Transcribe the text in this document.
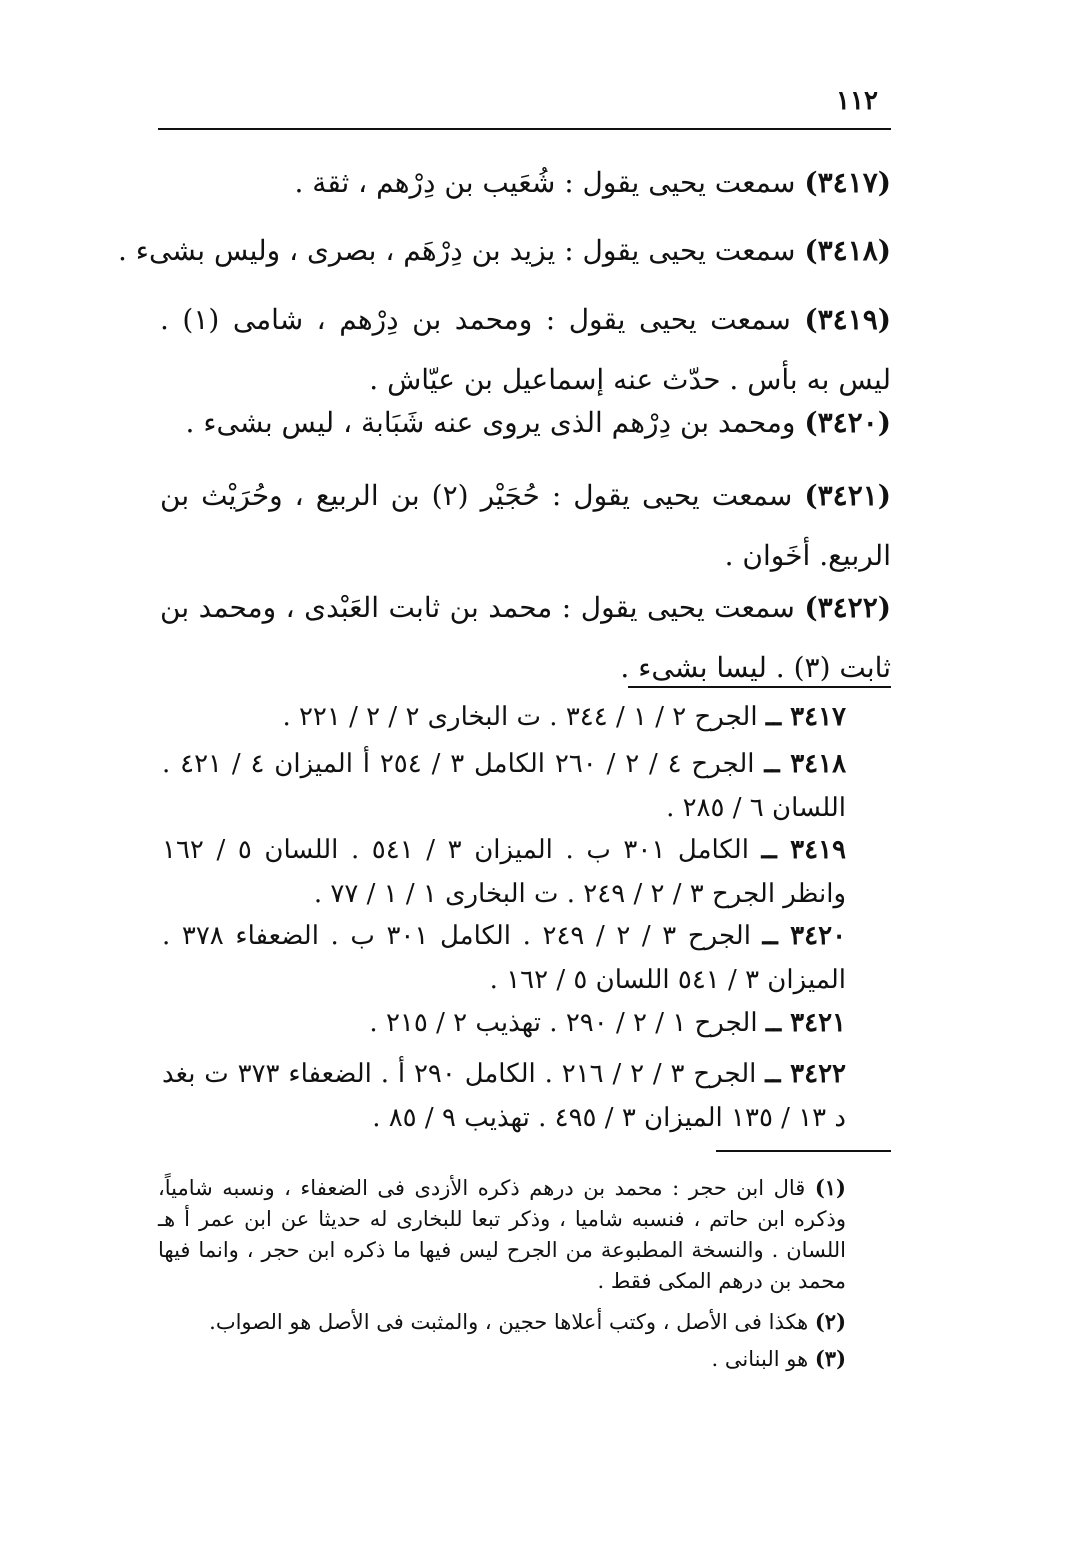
١١٢
(٣٤١٧) سمعت يحيى يقول : شُعَيب بن دِرْهم ، ثقة .
(٣٤١٨) سمعت يحيى يقول : يزيد بن دِرْهَم ، بصرى ، وليس بشىء .
(٣٤١٩) سمعت يحيى يقول : ومحمد بن دِرْهم ، شامى (١) . ليس به بأس . حدّث عنه إسماعيل بن عيّاش .
(٣٤٢٠) ومحمد بن دِرْهم الذى يروى عنه شَبَابة ، ليس بشىء .
(٣٤٢١) سمعت يحيى يقول : حُجَيْر (٢) بن الربيع ، وحُرَيْث بن الربيع. أخَوان .
(٣٤٢٢) سمعت يحيى يقول : محمد بن ثابت العَبْدى ، ومحمد بن ثابت (٣) . ليسا بشىء .
٣٤١٧ ــ الجرح ٢ / ١ / ٣٤٤ . ت البخارى ٢ / ٢ / ٢٢١ .
٣٤١٨ ــ الجرح ٤ / ٢ / ٢٦٠ الكامل ٣ / ٢٥٤ أ الميزان ٤ / ٤٢١ . اللسان ٦ / ٢٨٥ .
٣٤١٩ ــ الكامل ٣٠١ ب . الميزان ٣ / ٥٤١ . اللسان ٥ / ١٦٢ وانظر الجرح ٣ / ٢ / ٢٤٩ . ت البخارى ١ / ١ / ٧٧ .
٣٤٢٠ ــ الجرح ٣ / ٢ / ٢٤٩ . الكامل ٣٠١ ب . الضعفاء ٣٧٨ . الميزان ٣ / ٥٤١ اللسان ٥ / ١٦٢ .
٣٤٢١ ــ الجرح ١ / ٢ / ٢٩٠ . تهذيب ٢ / ٢١٥ .
٣٤٢٢ ــ الجرح ٣ / ٢ / ٢١٦ . الكامل ٢٩٠ أ . الضعفاء ٣٧٣ ت بغد د ١٣ / ١٣٥ الميزان ٣ / ٤٩٥ . تهذيب ٩ / ٨٥ .
(١) قال ابن حجر : محمد بن درهم ذكره الأزدى فى الضعفاء ، ونسبه شامياً، وذكره ابن حاتم ، فنسبه شاميا ، وذكر تبعا للبخارى له حديثا عن ابن عمر أ هـ اللسان . والنسخة المطبوعة من الجرح ليس فيها ما ذكره ابن حجر ، وانما فيها محمد بن درهم المكى فقط .
(٢) هكذا فى الأصل ، وكتب أعلاها حجين ، والمثبت فى الأصل هو الصواب.
(٣) هو البنانى .
